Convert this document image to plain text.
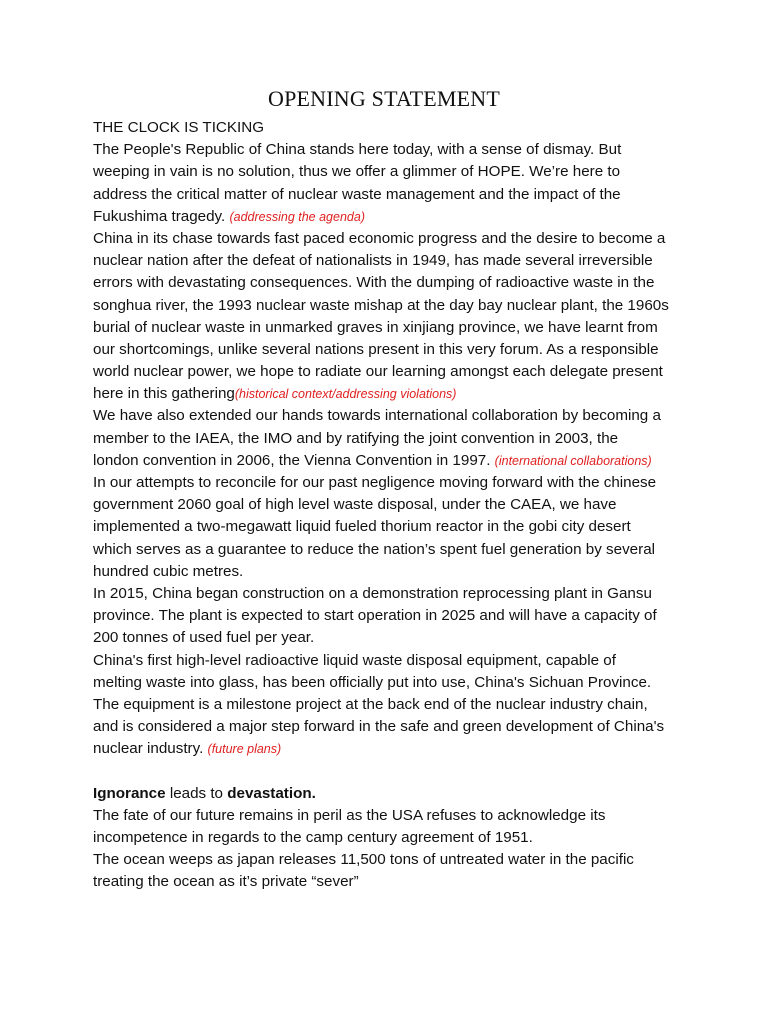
OPENING STATEMENT
THE CLOCK IS TICKING
The People's Republic of China stands here today, with a sense of dismay. But
weeping in vain is no solution, thus we offer a glimmer of HOPE. We’re here to
address the critical matter of nuclear waste management and the impact of the
Fukushima tragedy. (addressing the agenda)
China in its chase towards fast paced economic progress and the desire to become a
nuclear nation after the defeat of nationalists in 1949, has made several irreversible
errors with devastating consequences. With the dumping of radioactive waste in the
songhua river, the 1993 nuclear waste mishap at the day bay nuclear plant, the 1960s
burial of nuclear waste in unmarked graves in xinjiang province, we have learnt from
our shortcomings, unlike several nations present in this very forum. As a responsible
world nuclear power, we hope to radiate our learning amongst each delegate present
here in this gathering(historical context/addressing violations)
We have also extended our hands towards international collaboration by becoming a
member to the IAEA, the IMO and by ratifying the joint convention in 2003, the
london convention in 2006, the Vienna Convention in 1997. (international collaborations)
In our attempts to reconcile for our past negligence moving forward with the chinese
government 2060 goal of high level waste disposal, under the CAEA, we have
implemented a two-megawatt liquid fueled thorium reactor in the gobi city desert
which serves as a guarantee to reduce the nation’s spent fuel generation by several
hundred cubic metres.
In 2015, China began construction on a demonstration reprocessing plant in Gansu
province. The plant is expected to start operation in 2025 and will have a capacity of
200 tonnes of used fuel per year.
China's first high-level radioactive liquid waste disposal equipment, capable of
melting waste into glass, has been officially put into use, China's Sichuan Province.
The equipment is a milestone project at the back end of the nuclear industry chain,
and is considered a major step forward in the safe and green development of China's
nuclear industry. (future plans)
Ignorance leads to devastation.
The fate of our future remains in peril as the USA refuses to acknowledge its
incompetence in regards to the camp century agreement of 1951.
The ocean weeps as japan releases 11,500 tons of untreated water in the pacific
treating the ocean as it’s private “sever”
